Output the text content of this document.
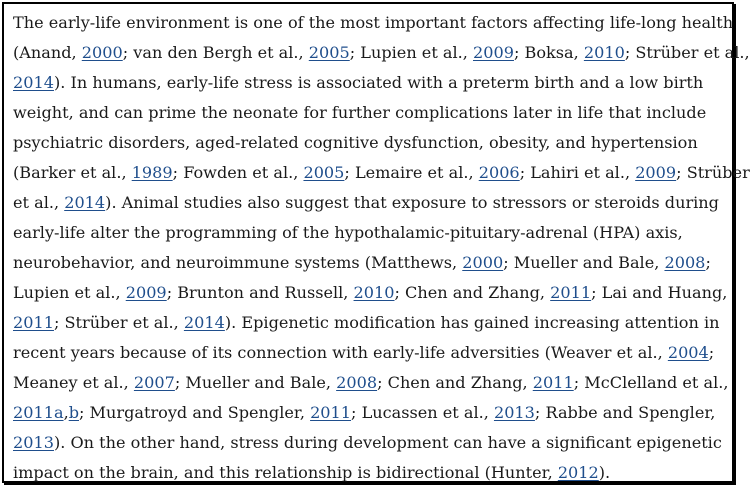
The early-life environment is one of the most important factors affecting life-long health
(Anand, 2000; van den Bergh et al., 2005; Lupien et al., 2009; Boksa, 2010; Strüber et al.,
2014). In humans, early-life stress is associated with a preterm birth and a low birth
weight, and can prime the neonate for further complications later in life that include
psychiatric disorders, aged-related cognitive dysfunction, obesity, and hypertension
(Barker et al., 1989; Fowden et al., 2005; Lemaire et al., 2006; Lahiri et al., 2009; Strüber
et al., 2014). Animal studies also suggest that exposure to stressors or steroids during
early-life alter the programming of the hypothalamic-pituitary-adrenal (HPA) axis,
neurobehavior, and neuroimmune systems (Matthews, 2000; Mueller and Bale, 2008;
Lupien et al., 2009; Brunton and Russell, 2010; Chen and Zhang, 2011; Lai and Huang,
2011; Strüber et al., 2014). Epigenetic modification has gained increasing attention in
recent years because of its connection with early-life adversities (Weaver et al., 2004;
Meaney et al., 2007; Mueller and Bale, 2008; Chen and Zhang, 2011; McClelland et al.,
2011a,b; Murgatroyd and Spengler, 2011; Lucassen et al., 2013; Rabbe and Spengler,
2013). On the other hand, stress during development can have a significant epigenetic
impact on the brain, and this relationship is bidirectional (Hunter, 2012).
